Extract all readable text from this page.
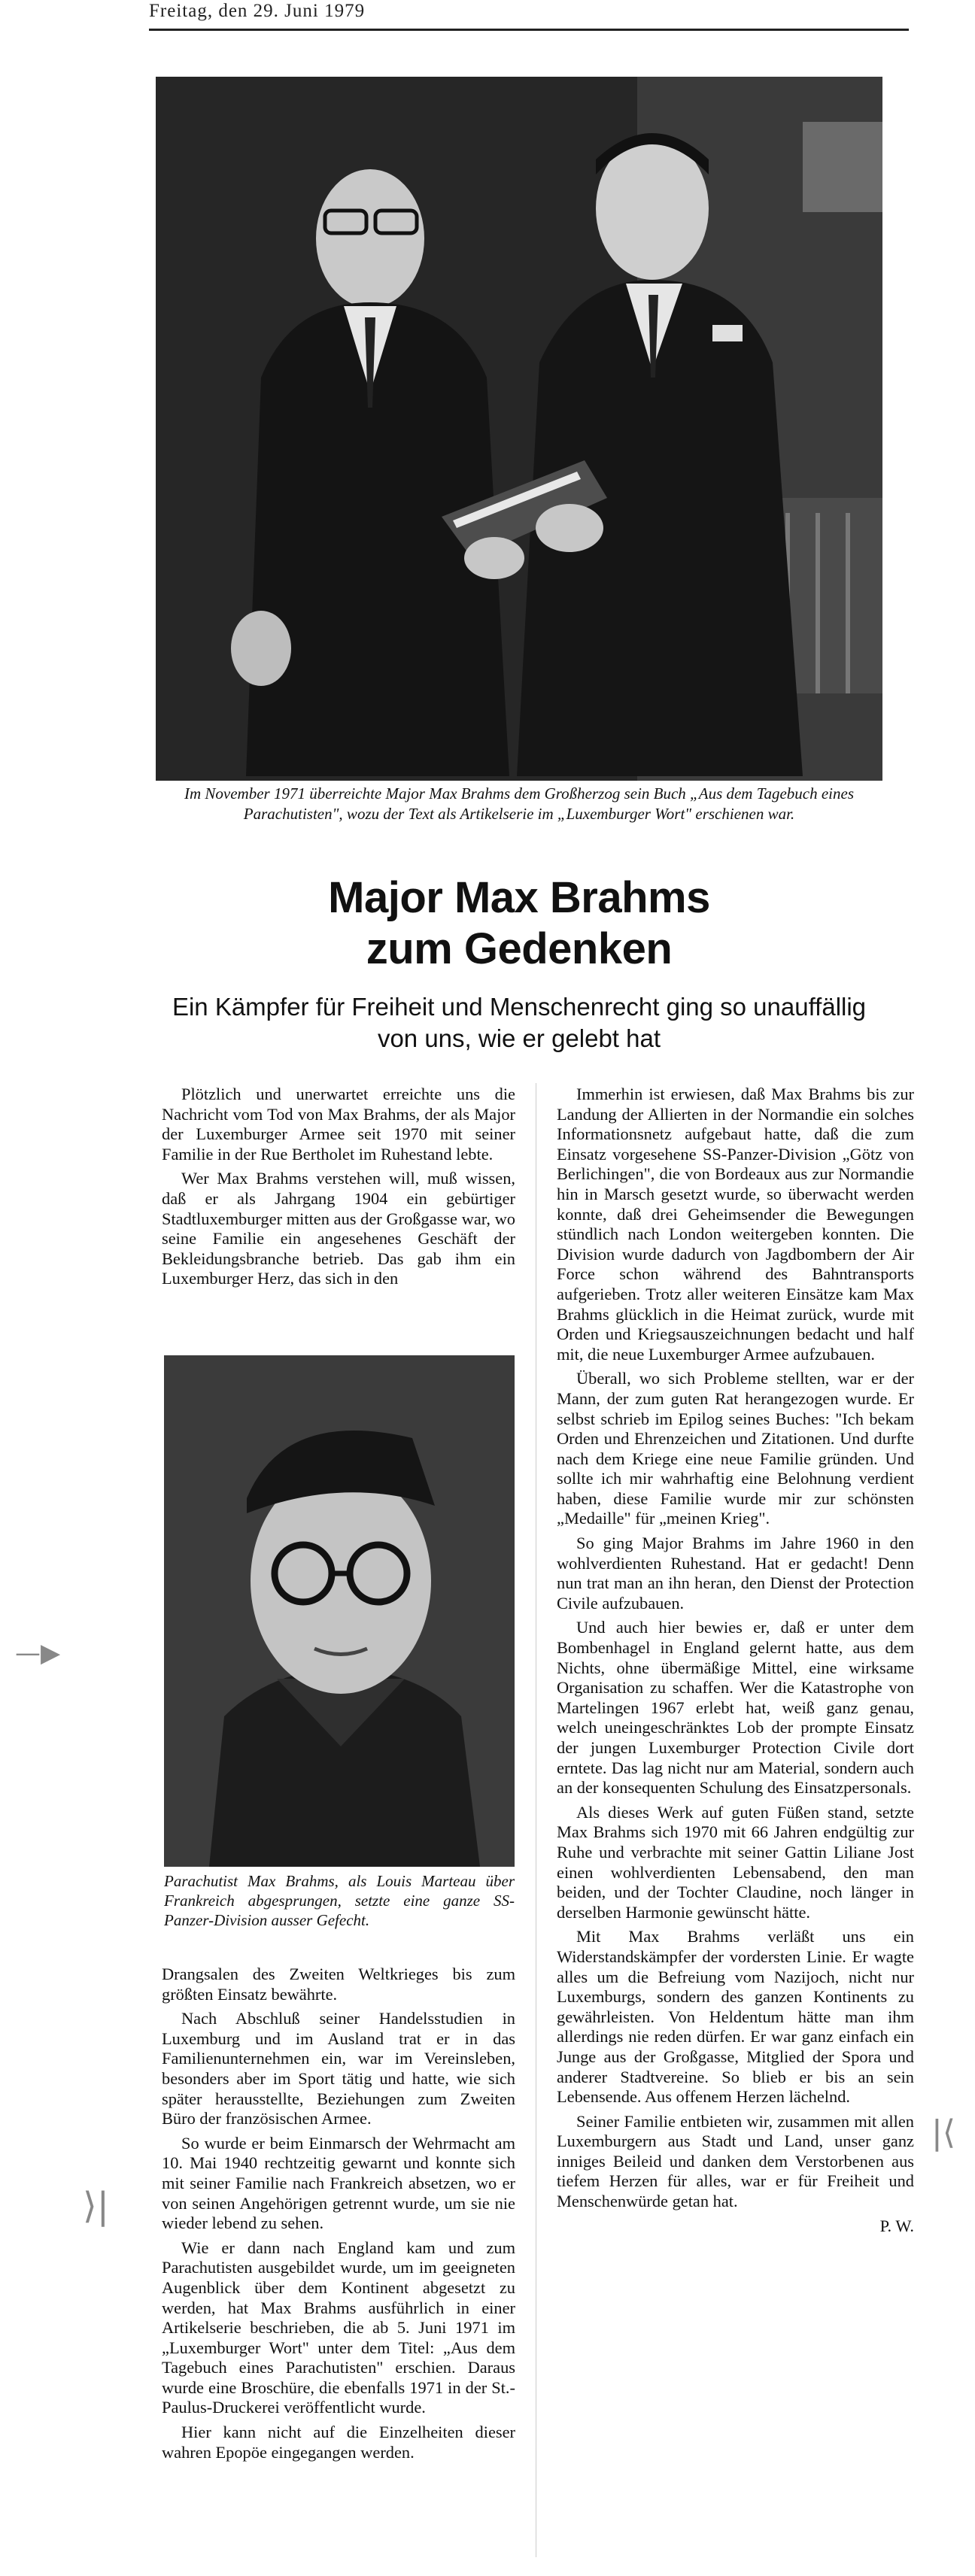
Freitag, den 29. Juni 1979
Im November 1971 überreichte Major Max Brahms dem Großherzog sein Buch „Aus dem Tagebuch eines Parachutisten", wozu der Text als Artikelserie im „Luxemburger Wort" erschienen war.
Major Max Brahms
zum Gedenken
Ein Kämpfer für Freiheit und Menschenrecht ging so unauffällig von uns, wie er gelebt hat

Plötzlich und unerwartet erreichte uns die Nachricht vom Tod von Max Brahms, der als Major der Luxemburger Armee seit 1970 mit seiner Familie in der Rue Bertholet im Ruhestand lebte.

Wer Max Brahms verstehen will, muß wissen, daß er als Jahrgang 1904 ein gebürtiger Stadtluxemburger mitten aus der Großgasse war, wo seine Familie ein angesehenes Geschäft der Bekleidungsbranche betrieb. Das gab ihm ein Luxemburger Herz, das sich in den

Parachutist Max Brahms, als Louis Marteau über Frankreich abgesprungen, setzte eine ganze SS-Panzer-Division ausser Gefecht.

Drangsalen des Zweiten Weltkrieges bis zum größten Einsatz bewährte.

Nach Abschluß seiner Handelsstudien in Luxemburg und im Ausland trat er in das Familienunternehmen ein, war im Vereinsleben, besonders aber im Sport tätig und hatte, wie sich später herausstellte, Beziehungen zum Zweiten Büro der französischen Armee.

So wurde er beim Einmarsch der Wehrmacht am 10. Mai 1940 rechtzeitig gewarnt und konnte sich mit seiner Familie nach Frankreich absetzen, wo er von seinen Angehörigen getrennt wurde, um sie nie wieder lebend zu sehen.

Wie er dann nach England kam und zum Parachutisten ausgebildet wurde, um im geeigneten Augenblick über dem Kontinent abgesetzt zu werden, hat Max Brahms ausführlich in einer Artikelserie beschrieben, die ab 5. Juni 1971 im „Luxemburger Wort" unter dem Titel: „Aus dem Tagebuch eines Parachutisten" erschien. Daraus wurde eine Broschüre, die ebenfalls 1971 in der St.-Paulus-Druckerei veröffentlicht wurde.

Hier kann nicht auf die Einzelheiten dieser wahren Epopöe eingegangen werden.

Immerhin ist erwiesen, daß Max Brahms bis zur Landung der Allierten in der Normandie ein solches Informationsnetz aufgebaut hatte, daß die zum Einsatz vorgesehene SS-Panzer-Division „Götz von Berlichingen", die von Bordeaux aus zur Normandie hin in Marsch gesetzt wurde, so überwacht werden konnte, daß drei Geheimsender die Bewegungen stündlich nach London weitergeben konnten. Die Division wurde dadurch von Jagdbombern der Air Force schon während des Bahntransports aufgerieben. Trotz aller weiteren Einsätze kam Max Brahms glücklich in die Heimat zurück, wurde mit Orden und Kriegsauszeichnungen bedacht und half mit, die neue Luxemburger Armee aufzubauen.

Überall, wo sich Probleme stellten, war er der Mann, der zum guten Rat herangezogen wurde. Er selbst schrieb im Epilog seines Buches: "Ich bekam Orden und Ehrenzeichen und Zitationen. Und durfte nach dem Kriege eine neue Familie gründen. Und sollte ich mir wahrhaftig eine Belohnung verdient haben, diese Familie wurde mir zur schönsten „Medaille" für „meinen Krieg".

So ging Major Brahms im Jahre 1960 in den wohlverdienten Ruhestand. Hat er gedacht! Denn nun trat man an ihn heran, den Dienst der Protection Civile aufzubauen.

Und auch hier bewies er, daß er unter dem Bombenhagel in England gelernt hatte, aus dem Nichts, ohne übermäßige Mittel, eine wirksame Organisation zu schaffen. Wer die Katastrophe von Martelingen 1967 erlebt hat, weiß ganz genau, welch uneingeschränktes Lob der prompte Einsatz der jungen Luxemburger Protection Civile dort erntete. Das lag nicht nur am Material, sondern auch an der konsequenten Schulung des Einsatzpersonals.

Als dieses Werk auf guten Füßen stand, setzte Max Brahms sich 1970 mit 66 Jahren endgültig zur Ruhe und verbrachte mit seiner Gattin Liliane Jost einen wohlverdienten Lebensabend, den man beiden, und der Tochter Claudine, noch länger in derselben Harmonie gewünscht hätte.

Mit Max Brahms verläßt uns ein Widerstandskämpfer der vordersten Linie. Er wagte alles um die Befreiung vom Nazijoch, nicht nur Luxemburgs, sondern des ganzen Kontinents zu gewährleisten. Von Heldentum hätte man ihm allerdings nie reden dürfen. Er war ganz einfach ein Junge aus der Großgasse, Mitglied der Spora und anderer Stadtvereine. So blieb er bis an sein Lebensende. Aus offenem Herzen lächelnd.

Seiner Familie entbieten wir, zusammen mit allen Luxemburgern aus Stadt und Land, unser ganz inniges Beileid und danken dem Verstorbenen aus tiefem Herzen für alles, war er für Freiheit und Menschenwürde getan hat.

P. W.

—▶
⟩|
|⟨
